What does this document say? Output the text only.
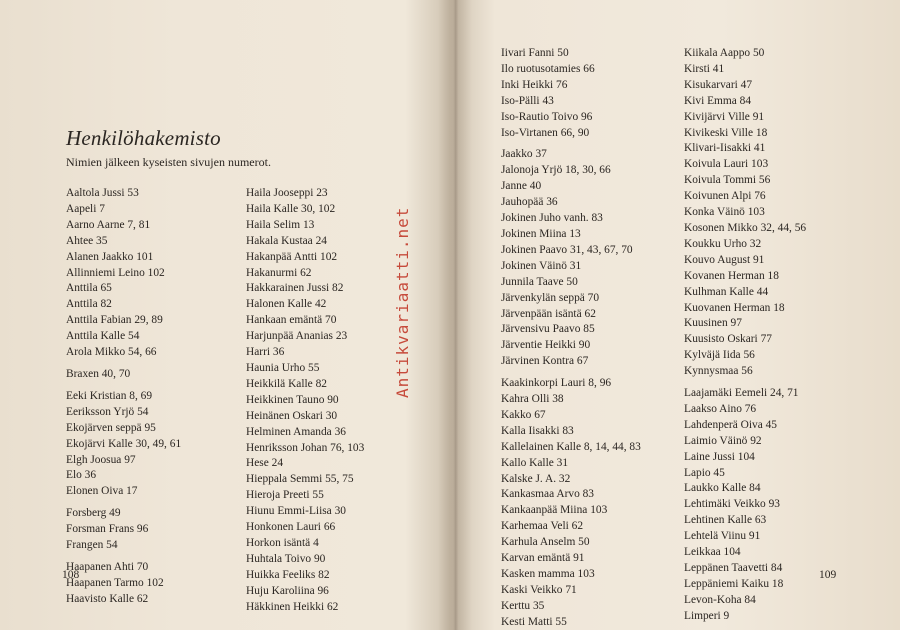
Henkilöhakemisto

Nimien jälkeen kyseisten sivujen numerot.

Aaltola Jussi 53
Aapeli 7
Aarno Aarne 7, 81
Ahtee 35
Alanen Jaakko 101
Allinniemi Leino 102
Anttila 65
Anttila 82
Anttila Fabian 29, 89
Anttila Kalle 54
Arola Mikko 54, 66
Braxen 40, 70
Eeki Kristian 8, 69
Eeriksson Yrjö 54
Ekojärven seppä 95
Ekojärvi Kalle 30, 49, 61
Elgh Joosua 97
Elo 36
Elonen Oiva 17
Forsberg 49
Forsman Frans 96
Frangen 54
Haapanen Ahti 70
Haapanen Tarmo 102
Haavisto Kalle 62
Haila Jooseppi 23
Haila Kalle 30, 102
Haila Selim 13
Hakala Kustaa 24
Hakanpää Antti 102
Hakanurmi 62
Hakkarainen Jussi 82
Halonen Kalle 42
Hankaan emäntä 70
Harjunpää Ananias 23
Harri 36
Haunia Urho 55
Heikkilä Kalle 82
Heikkinen Tauno 90
Heinänen Oskari 30
Helminen Amanda 36
Henriksson Johan 76, 103
Hese 24
Hieppala Semmi 55, 75
Hieroja Preeti 55
Hiunu Emmi-Liisa 30
Honkonen Lauri 66
Horkon isäntä 4
Huhtala Toivo 90
Huikka Feeliks 82
Huju Karoliina 96
Häkkinen Heikki 62
108
Iivari Fanni 50
Ilo ruotusotamies 66
Inki Heikki 76
Iso-Pälli 43
Iso-Rautio Toivo 96
Iso-Virtanen 66, 90
Jaakko 37
Jalonoja Yrjö 18, 30, 66
Janne 40
Jauhopää 36
Jokinen Juho vanh. 83
Jokinen Miina 13
Jokinen Paavo 31, 43, 67, 70
Jokinen Väinö 31
Junnila Taave 50
Järvenkylän seppä 70
Järvenpään isäntä 62
Järvensivu Paavo 85
Järventie Heikki 90
Järvinen Kontra 67
Kaakinkorpi Lauri 8, 96
Kahra Olli 38
Kakko 67
Kalla Iisakki 83
Kallelainen Kalle 8, 14, 44, 83
Kallo Kalle 31
Kalske J. A. 32
Kankasmaa Arvo 83
Kankaanpää Miina 103
Karhemaa Veli 62
Karhula Anselm 50
Karvan emäntä 91
Kasken mamma 103
Kaski Veikko 71
Kerttu 35
Kesti Matti 55
Kiikala Aappo 50
Kirsti 41
Kisukarvari 47
Kivi Emma 84
Kivijärvi Ville 91
Kivikeski Ville 18
Klivari-Iisakki 41
Koivula Lauri 103
Koivula Tommi 56
Koivunen Alpi 76
Konka Väinö 103
Kosonen Mikko 32, 44, 56
Koukku Urho 32
Kouvo August 91
Kovanen Herman 18
Kulhman Kalle 44
Kuovanen Herman 18
Kuusinen 97
Kuusisto Oskari 77
Kylväjä Iida 56
Kynnysmaa 56
Laajamäki Eemeli 24, 71
Laakso Aino 76
Lahdenperä Oiva 45
Laimio Väinö 92
Laine Jussi 104
Lapio 45
Laukko Kalle 84
Lehtimäki Veikko 93
Lehtinen Kalle 63
Lehtelä Viinu 91
Leikkaa 104
Leppänen Taavetti 84
Leppäniemi Kaiku 18
Levon-Koha 84
Limperi 9
109
Antikvariaatti.net
